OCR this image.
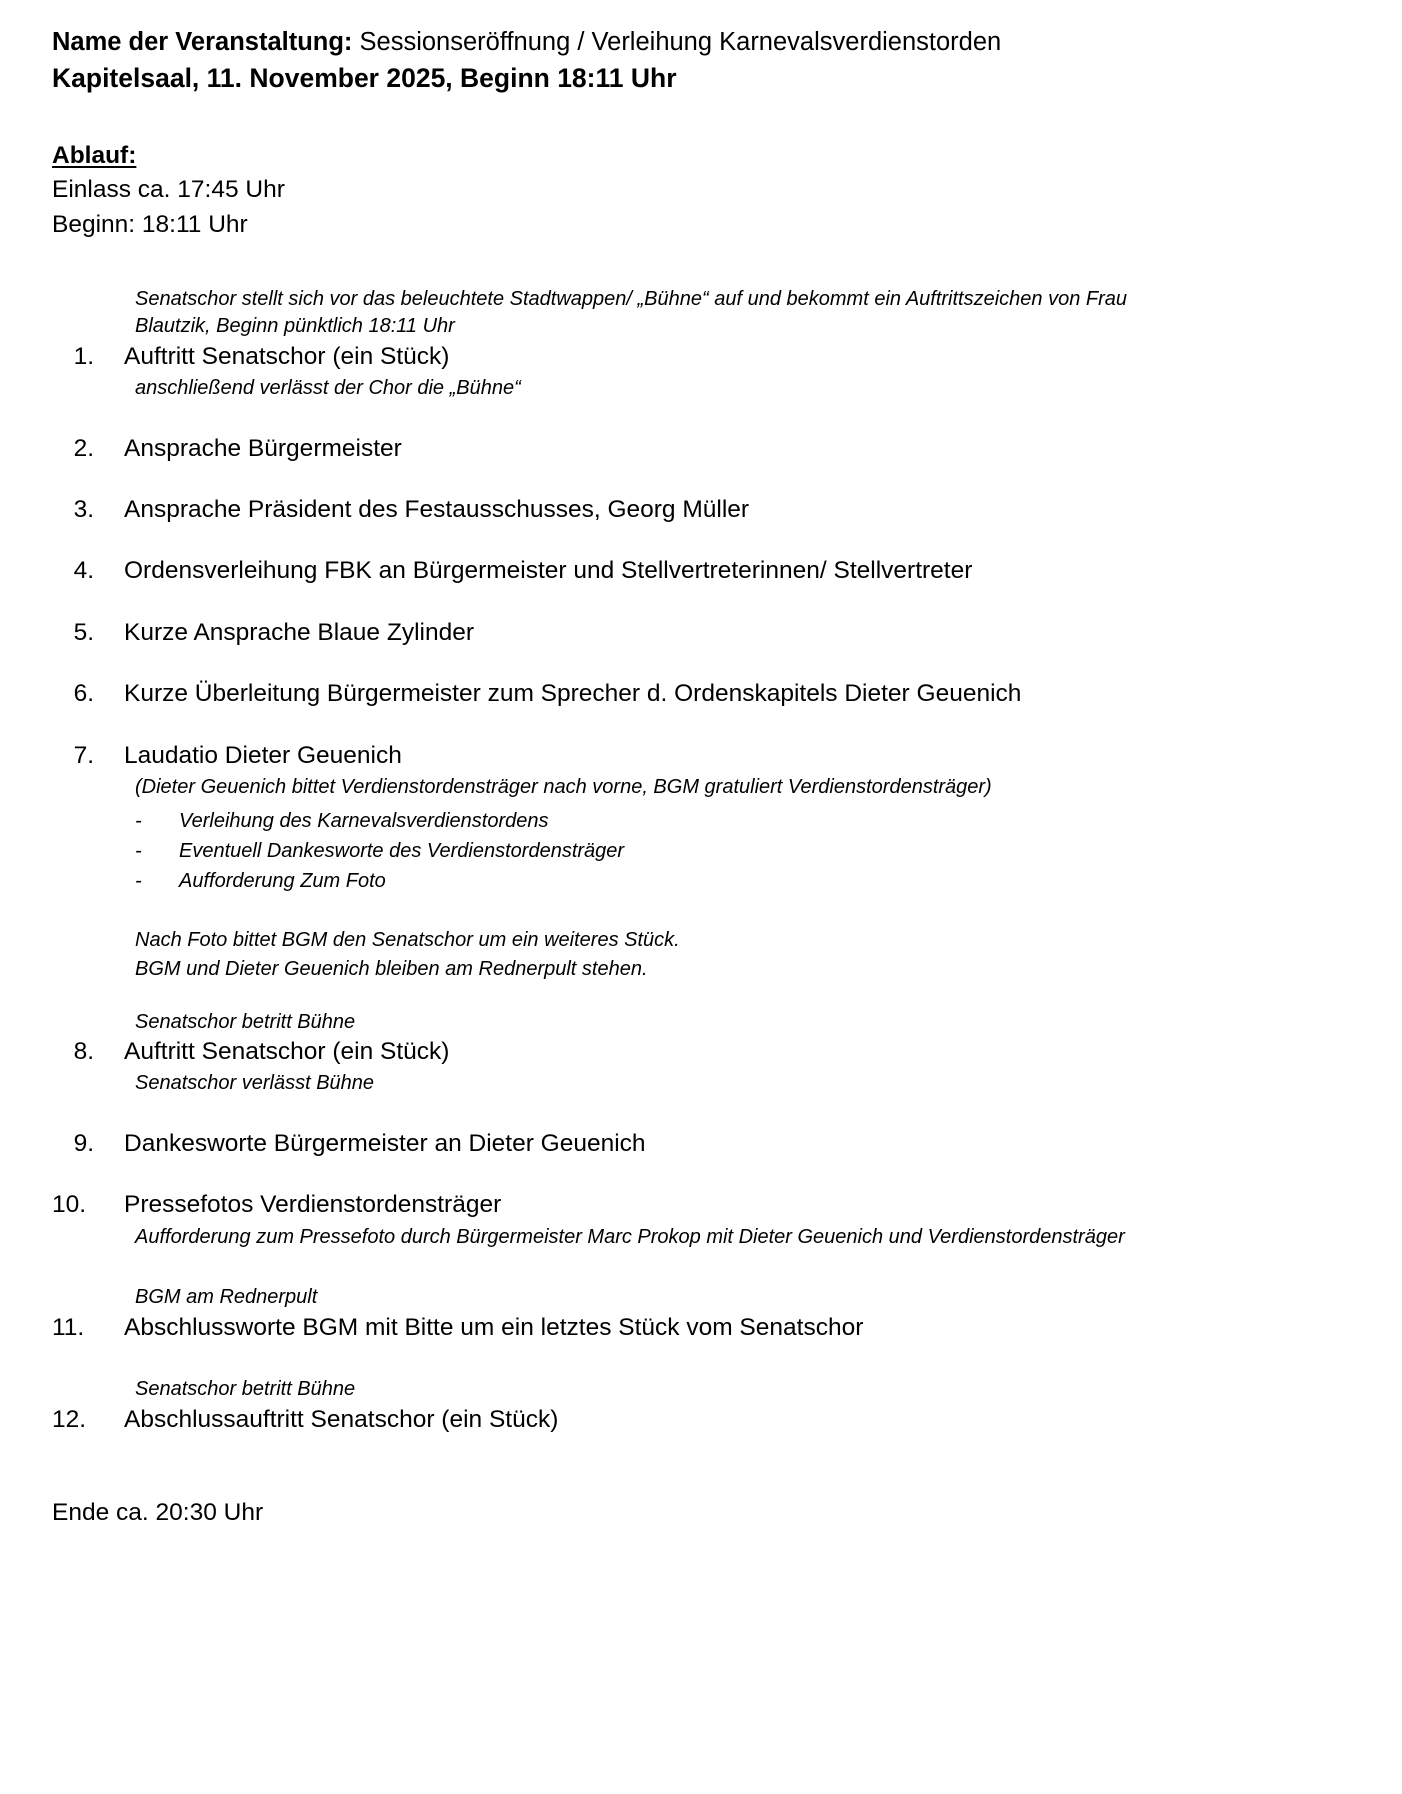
Name der Veranstaltung: Sessionseröffnung / Verleihung Karnevalsverdienstorden
Kapitelsaal, 11. November 2025, Beginn 18:11 Uhr
Ablauf:
Einlass ca. 17:45 Uhr
Beginn: 18:11 Uhr
Senatschor stellt sich vor das beleuchtete Stadtwappen/ „Bühne“ auf und bekommt ein Auftrittszeichen von Frau Blautzik, Beginn pünktlich 18:11 Uhr
1.	Auftritt Senatschor (ein Stück)
anschließend verlässt der Chor die „Bühne“
2.	Ansprache Bürgermeister
3.	Ansprache Präsident des Festausschusses, Georg Müller
4.	Ordensverleihung FBK an Bürgermeister und Stellvertreterinnen/ Stellvertreter
5.	Kurze Ansprache Blaue Zylinder
6.	Kurze Überleitung Bürgermeister zum Sprecher d. Ordenskapitels Dieter Geuenich
7.	Laudatio Dieter Geuenich
(Dieter Geuenich bittet Verdienstordensträger nach vorne, BGM gratuliert Verdienstordensträger)
-	Verleihung des Karnevalsverdienstordens
-	Eventuell Dankesworte des Verdienstordensträger
-	Aufforderung Zum Foto
Nach Foto bittet BGM den Senatschor um ein weiteres Stück.
BGM und Dieter Geuenich bleiben am Rednerpult stehen.
Senatschor betritt Bühne
8.	Auftritt Senatschor (ein Stück)
Senatschor verlässt Bühne
9.	Dankesworte Bürgermeister an Dieter Geuenich
10.	Pressefotos Verdienstordensträger
Aufforderung zum Pressefoto durch Bürgermeister Marc Prokop mit Dieter Geuenich und Verdienstordensträger
BGM am Rednerpult
11.	Abschlussworte BGM mit Bitte um ein letztes Stück vom Senatschor
Senatschor betritt Bühne
12.	Abschlussauftritt Senatschor (ein Stück)
Ende ca. 20:30 Uhr
